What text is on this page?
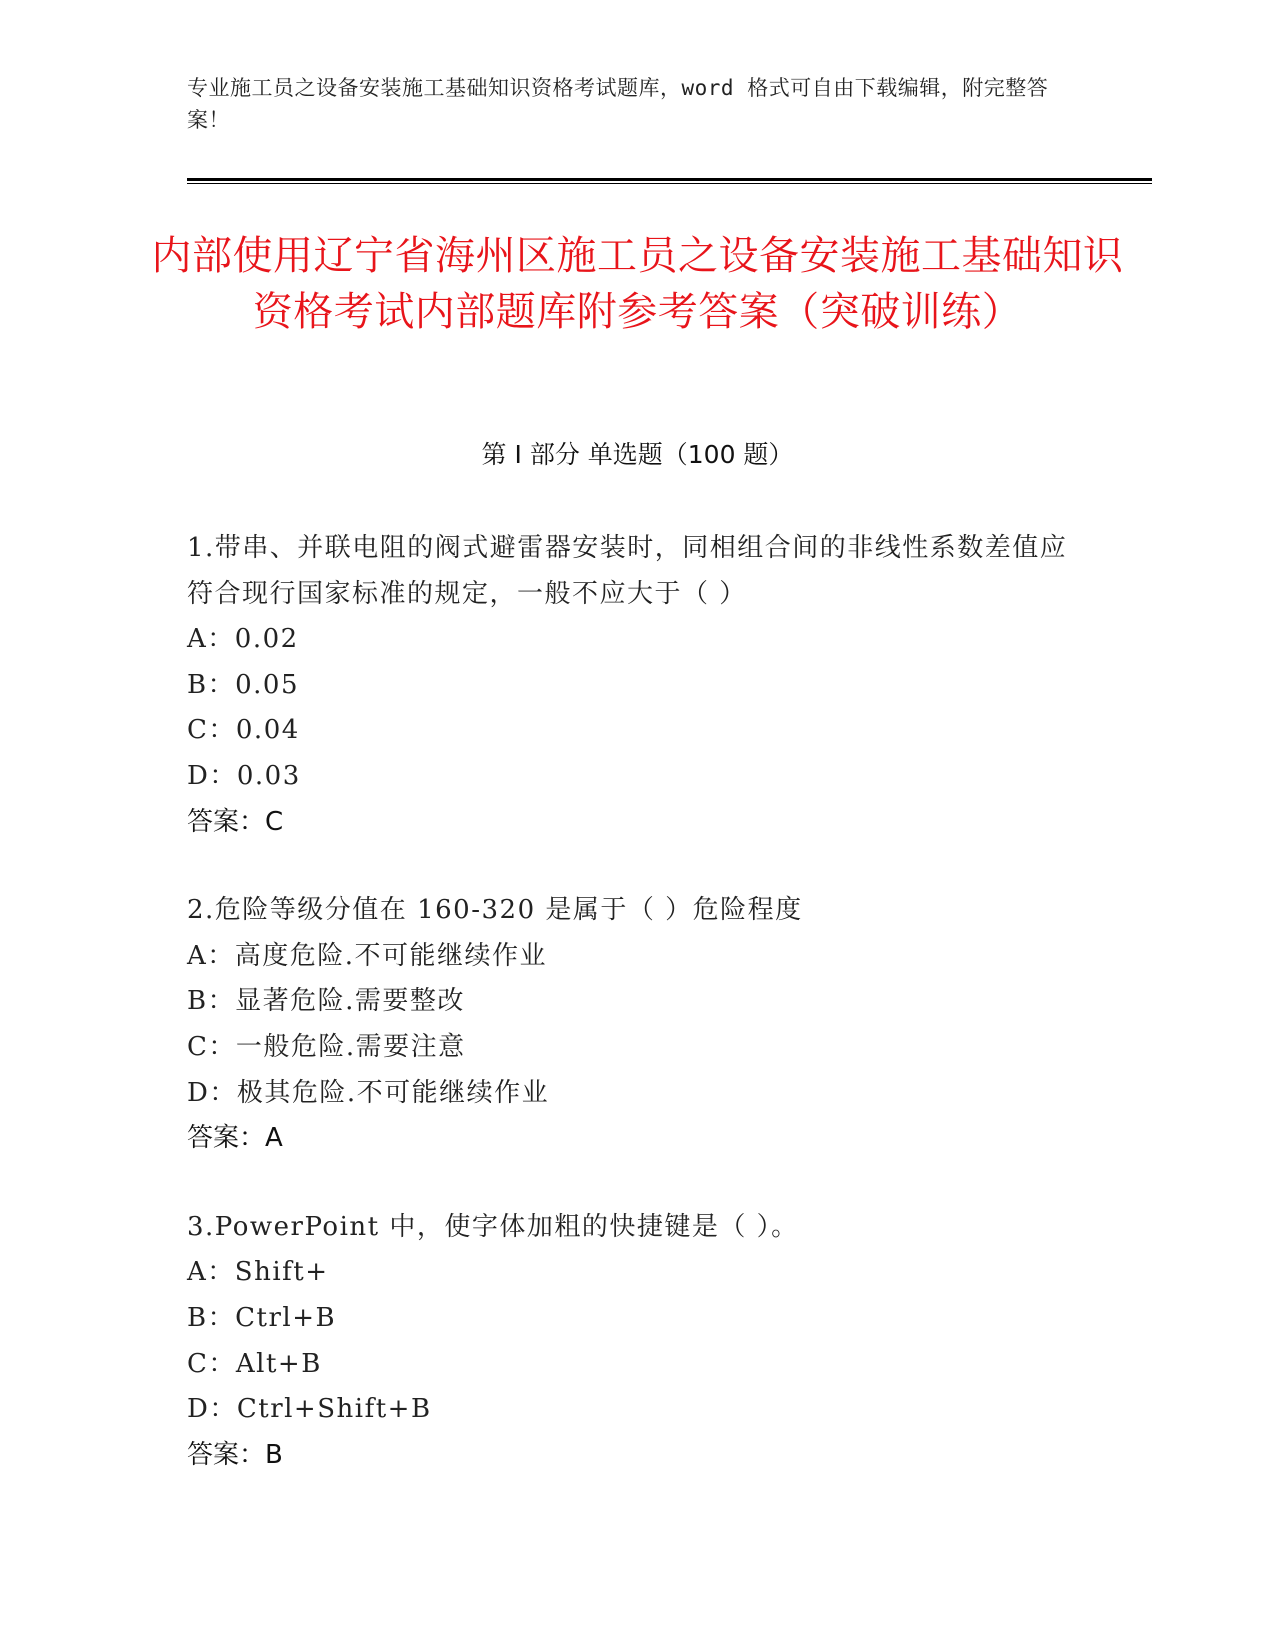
专业施工员之设备安装施工基础知识资格考试题库，word 格式可自由下载编辑，附完整答案！
内部使用辽宁省海州区施工员之设备安装施工基础知识资格考试内部题库附参考答案（突破训练）
第 I 部分 单选题（100 题）
1.带串、并联电阻的阀式避雷器安装时，同相组合间的非线性系数差值应符合现行国家标准的规定，一般不应大于（ ）
A：0.02
B：0.05
C：0.04
D：0.03
答案：C
2.危险等级分值在 160-320 是属于（ ）危险程度
A：高度危险.不可能继续作业
B：显著危险.需要整改
C：一般危险.需要注意
D：极其危险.不可能继续作业
答案：A
3.PowerPoint 中，使字体加粗的快捷键是（ ）。
A：Shift+
B：Ctrl+B
C：Alt+B
D：Ctrl+Shift+B
答案：B
